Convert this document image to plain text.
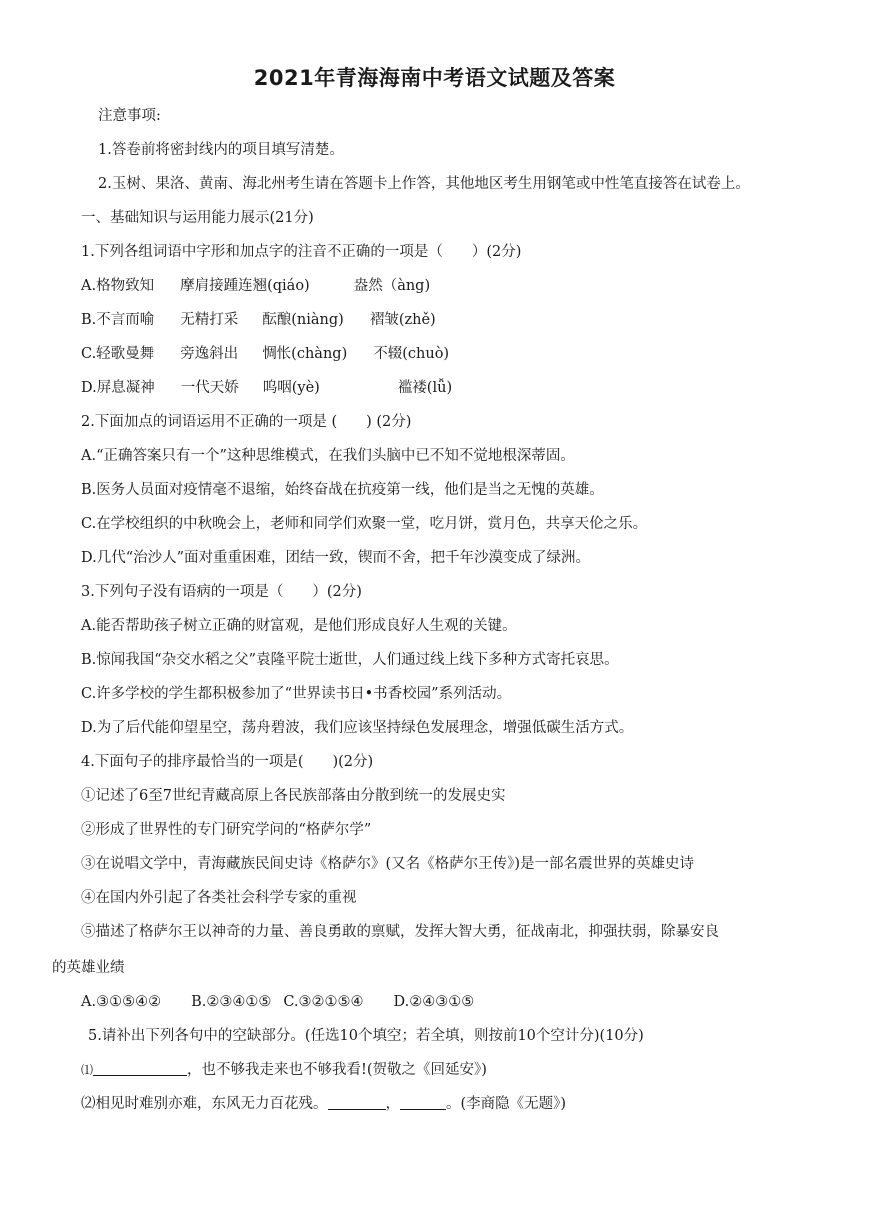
2021年青海海南中考语文试题及答案
注意事项:
1.答卷前将密封线内的项目填写清楚。
2.玉树、果洛、黄南、海北州考生请在答题卡上作答，其他地区考生用钢笔或中性笔直接答在试卷上。
一、基础知识与运用能力展示(21分)
1.下列各组词语中字形和加点字的注音不正确的一项是（　　）(2分)
A.格物致知 摩肩接踵连翘(qiáo)	盎然（àng)
B.不言而喻 无精打采 酝酿(niàng) 褶皱(zhě)
C.轻歌曼舞 旁逸斜出 惆怅(chàng) 不辍(chuò)
D.屏息凝神 一代天娇 呜咽(yè)	褴褛(lǚ)
2.下面加点的词语运用不正确的一项是 (　　) (2分)
A.“正确答案只有一个”这种思维模式，在我们头脑中已不知不觉地根深蒂固。
B.医务人员面对疫情毫不退缩，始终奋战在抗疫第一线，他们是当之无愧的英雄。
C.在学校组织的中秋晚会上，老师和同学们欢聚一堂，吃月饼，赏月色，共享天伦之乐。
D.几代“治沙人”面对重重困难，团结一致，锲而不舍，把千年沙漠变成了绿洲。
3.下列句子没有语病的一项是（　　）(2分)
A.能否帮助孩子树立正确的财富观，是他们形成良好人生观的关键。
B.惊闻我国“杂交水稻之父”袁隆平院士逝世，人们通过线上线下多种方式寄托哀思。
C.许多学校的学生都积极参加了“世界读书日•书香校园”系列活动。
D.为了后代能仰望星空，荡舟碧波，我们应该坚持绿色发展理念，增强低碳生活方式。
4.下面句子的排序最恰当的一项是(　　)(2分)
①记述了6至7世纪青藏高原上各民族部落由分散到统一的发展史实
②形成了世界性的专门研究学问的“格萨尔学”
③在说唱文学中，青海藏族民间史诗《格萨尔》(又名《格萨尔王传》)是一部名震世界的英雄史诗
④在国内外引起了各类社会科学专家的重视
⑤描述了格萨尔王以神奇的力量、善良勇敢的禀赋，发挥大智大勇，征战南北，抑强扶弱，除暴安良
的英雄业绩
A.③①⑤④② B.②③④①⑤ C.③②①⑤④ D.②④③①⑤
5.请补出下列各句中的空缺部分。(任选10个填空；若全填，则按前10个空计分)(10分)
⑴	，也不够我走来也不够我看!(贺敬之《回延安》)
⑵相见时难别亦难，东风无力百花残。	，	。(李商隐《无题》)
